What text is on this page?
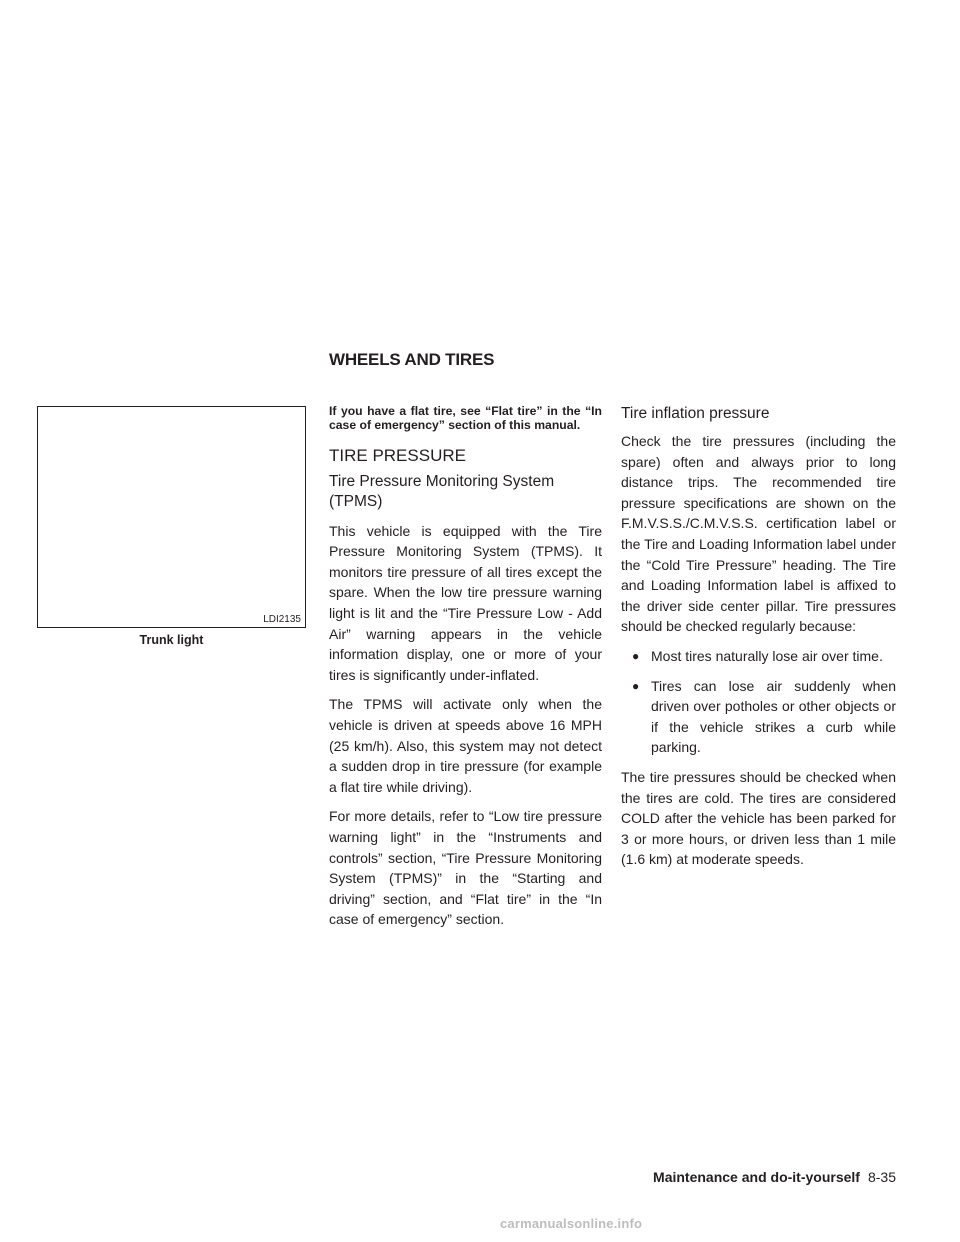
WHEELS AND TIRES
LDI2135
Trunk light

If you have a flat tire, see “Flat tire” in the “In case of emergency” section of this manual.

TIRE PRESSURE
Tire Pressure Monitoring System (TPMS)

This vehicle is equipped with the Tire Pressure Monitoring System (TPMS). It monitors tire pressure of all tires except the spare. When the low tire pressure warning light is lit and the “Tire Pressure Low - Add Air” warning appears in the vehicle information display, one or more of your tires is significantly under-inflated.

The TPMS will activate only when the vehicle is driven at speeds above 16 MPH (25 km/h). Also, this system may not detect a sudden drop in tire pressure (for example a flat tire while driving).

For more details, refer to “Low tire pressure warning light” in the “Instruments and controls” section, “Tire Pressure Monitoring System (TPMS)” in the “Starting and driving” section, and “Flat tire” in the “In case of emergency” section.

Tire inflation pressure

Check the tire pressures (including the spare) often and always prior to long distance trips. The recommended tire pressure specifications are shown on the F.M.V.S.S./C.M.V.S.S. certification label or the Tire and Loading Information label under the “Cold Tire Pressure” heading. The Tire and Loading Information label is affixed to the driver side center pillar. Tire pressures should be checked regularly because:

● Most tires naturally lose air over time.
● Tires can lose air suddenly when driven over potholes or other objects or if the vehicle strikes a curb while parking.

The tire pressures should be checked when the tires are cold. The tires are considered COLD after the vehicle has been parked for 3 or more hours, or driven less than 1 mile (1.6 km) at moderate speeds.

Maintenance and do-it-yourself 8-35
carmanualsonline.info
